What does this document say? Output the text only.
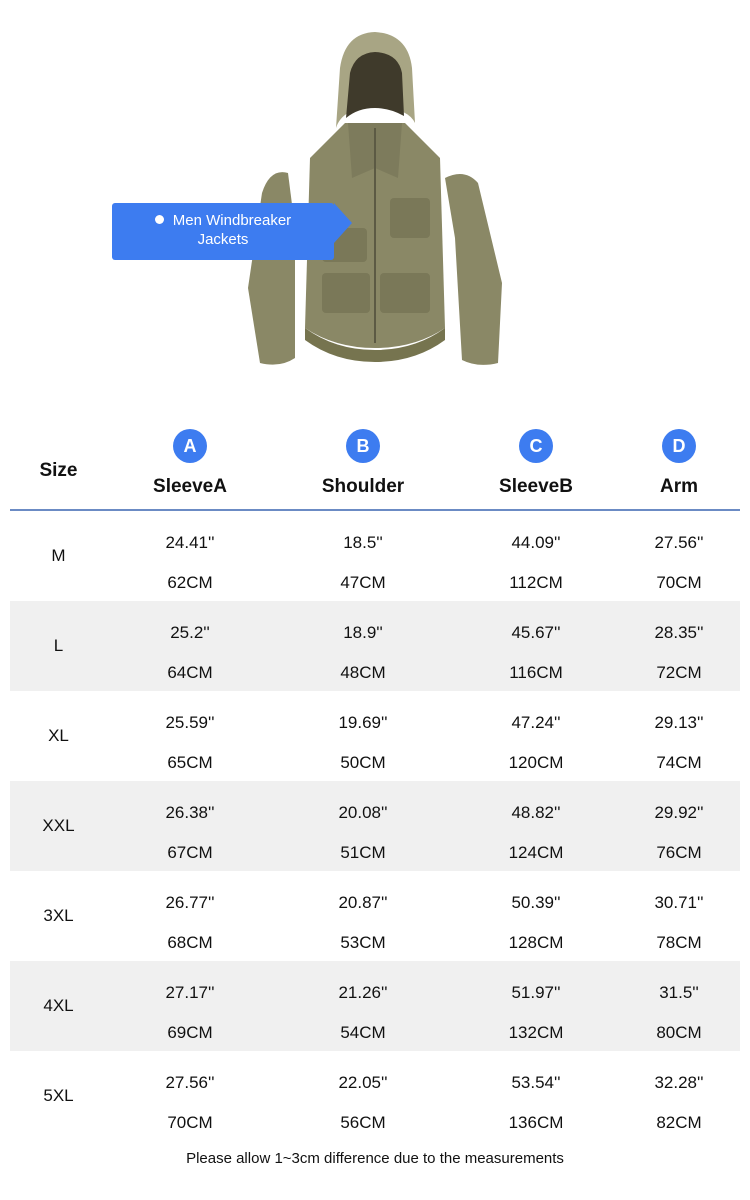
Men Windbreaker
Jackets
Size
A
SleeveA
B
Shoulder
C
SleeveB
D
Arm
M
24.41''
62CM
18.5''
47CM
44.09''
112CM
27.56''
70CM
L
25.2''
64CM
18.9''
48CM
45.67''
116CM
28.35''
72CM
XL
25.59''
65CM
19.69''
50CM
47.24''
120CM
29.13''
74CM
XXL
26.38''
67CM
20.08''
51CM
48.82''
124CM
29.92''
76CM
3XL
26.77''
68CM
20.87''
53CM
50.39''
128CM
30.71''
78CM
4XL
27.17''
69CM
21.26''
54CM
51.97''
132CM
31.5''
80CM
5XL
27.56''
70CM
22.05''
56CM
53.54''
136CM
32.28''
82CM
Please allow 1~3cm difference due to the measurements
